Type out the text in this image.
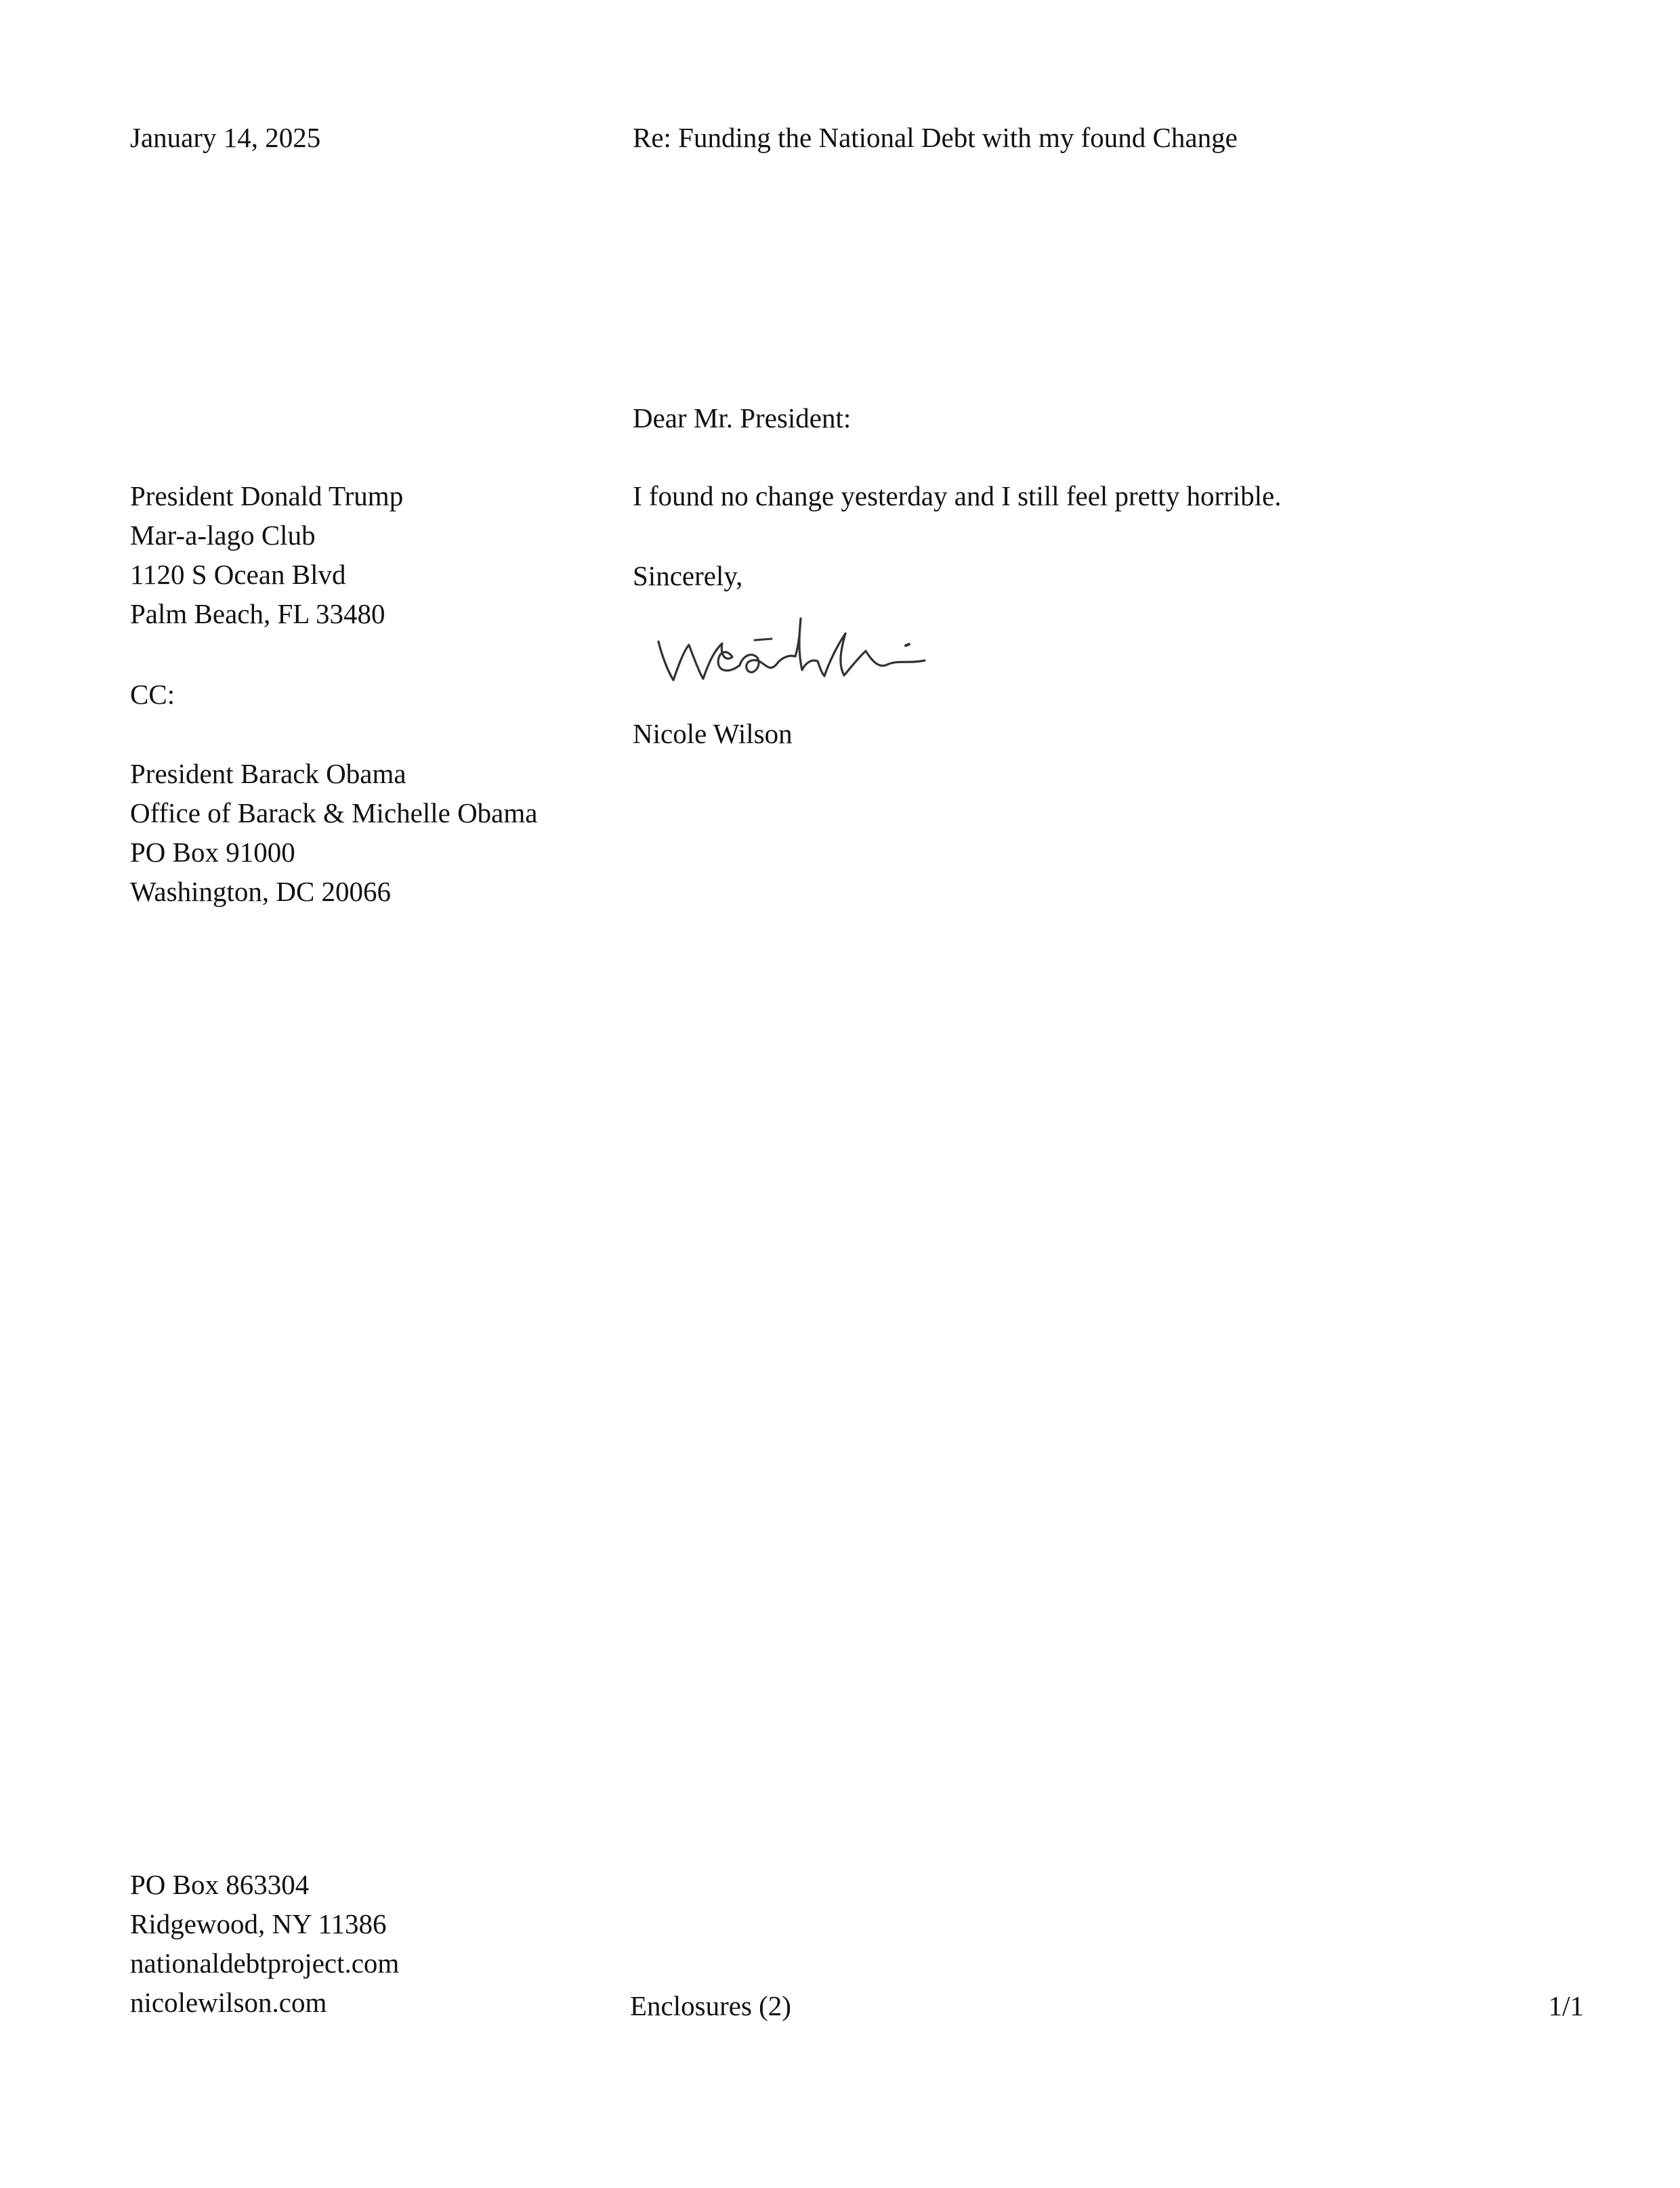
January 14, 2025	Re: Funding the National Debt with my found Change
Dear Mr. President:
President Donald Trump
Mar-a-lago Club
1120 S Ocean Blvd
Palm Beach, FL 33480
I found no change yesterday and I still feel pretty horrible.
Sincerely,
Nicole Wilson
CC:
President Barack Obama
Office of Barack & Michelle Obama
PO Box 91000
Washington, DC 20066
PO Box 863304
Ridgewood, NY 11386
nationaldebtproject.com
nicolewilson.com	Enclosures (2)	1/1
